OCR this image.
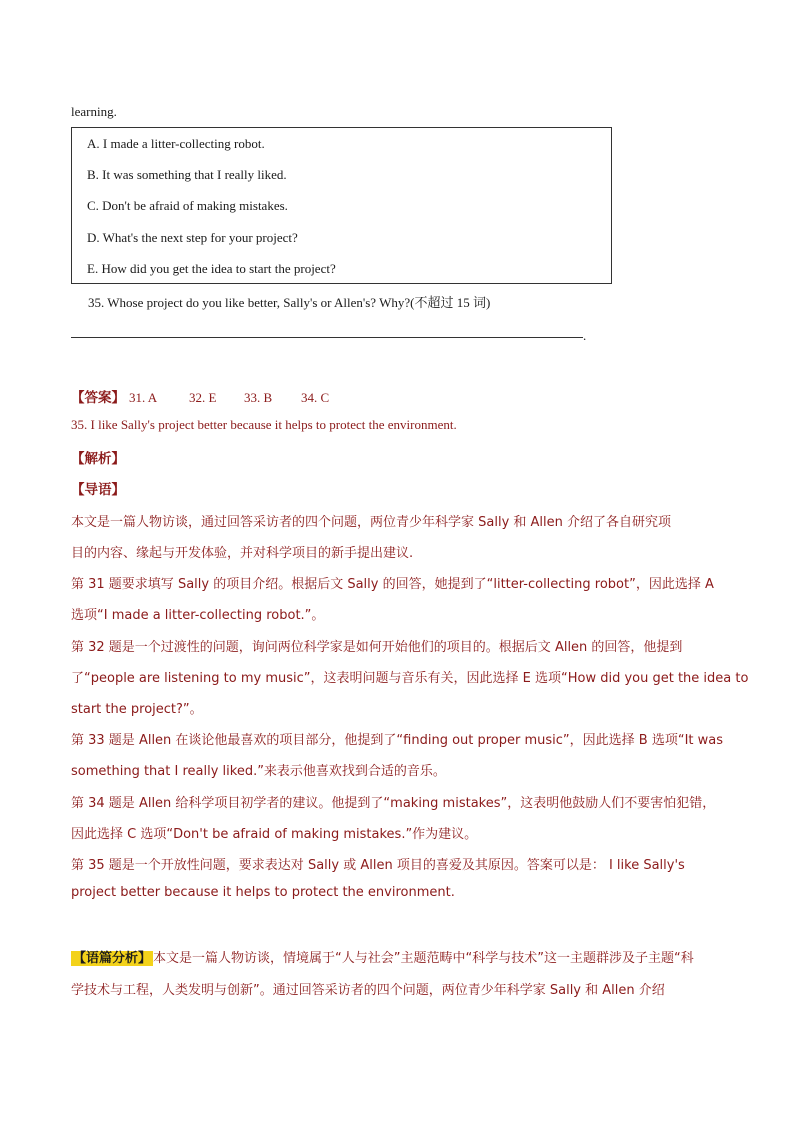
learning.
A. I made a litter-collecting robot.
B. It was something that I really liked.
C. Don't be afraid of making mistakes.
D. What's the next step for your project?
E. How did you get the idea to start the project?
35. Whose project do you like better, Sally's or Allen's? Why?(不超过 15 词)
.
【答案】 31. A 32. E 33. B 34. C
35. I like Sally's project better because it helps to protect the environment.
【解析】
【导语】
本文是一篇人物访谈，通过回答采访者的四个问题，两位青少年科学家 Sally 和 Allen 介绍了各自研究项
目的内容、缘起与开发体验，并对科学项目的新手提出建议.
第 31 题要求填写 Sally 的项目介绍。根据后文 Sally 的回答，她提到了“litter-collecting robot”，因此选择 A
选项“I made a litter-collecting robot.”。
第 32 题是一个过渡性的问题，询问两位科学家是如何开始他们的项目的。根据后文 Allen 的回答，他提到
了“people are listening to my music”，这表明问题与音乐有关，因此选择 E 选项“How did you get the idea to
start the project?”。
第 33 题是 Allen 在谈论他最喜欢的项目部分，他提到了“finding out proper music”，因此选择 B 选项“It was
something that I really liked.”来表示他喜欢找到合适的音乐。
第 34 题是 Allen 给科学项目初学者的建议。他提到了“making mistakes”，这表明他鼓励人们不要害怕犯错，
因此选择 C 选项“Don't be afraid of making mistakes.”作为建议。
第 35 题是一个开放性问题，要求表达对 Sally 或 Allen 项目的喜爱及其原因。答案可以是： I like Sally's
project better because it helps to protect the environment.
【语篇分析】 本文是一篇人物访谈，情境属于“人与社会”主题范畴中“科学与技术”这一主题群涉及子主题“科
学技术与工程，人类发明与创新”。通过回答采访者的四个问题，两位青少年科学家 Sally 和 Allen 介绍
